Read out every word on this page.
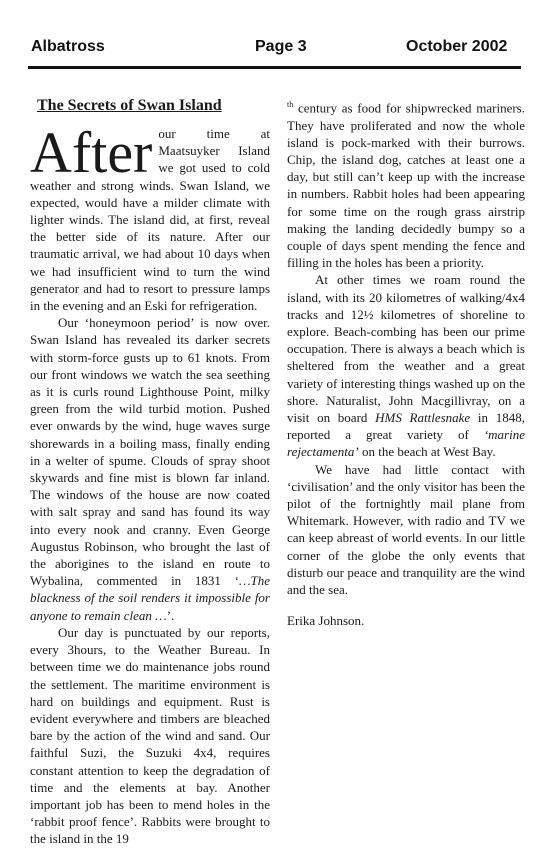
Albatross	Page 3	October 2002

The Secrets of Swan Island

After our time at Maatsuyker Island we got used to cold weather and strong winds. Swan Island, we expected, would have a milder climate with lighter winds. The island did, at first, reveal the better side of its nature. After our traumatic arrival, we had about 10 days when we had insufficient wind to turn the wind generator and had to resort to pressure lamps in the evening and an Eski for refrigeration.

Our ‘honeymoon period’ is now over. Swan Island has revealed its darker secrets with storm-force gusts up to 61 knots. From our front windows we watch the sea seething as it is curls round Lighthouse Point, milky green from the wild turbid motion. Pushed ever onwards by the wind, huge waves surge shorewards in a boiling mass, finally ending in a welter of spume. Clouds of spray shoot skywards and fine mist is blown far inland. The windows of the house are now coated with salt spray and sand has found its way into every nook and cranny. Even George Augustus Robinson, who brought the last of the aborigines to the island en route to Wybalina, commented in 1831 ‘…The blackness of the soil renders it impossible for anyone to remain clean …’.

Our day is punctuated by our reports, every 3hours, to the Weather Bureau. In between time we do maintenance jobs round the settlement. The maritime environment is hard on buildings and equipment. Rust is evident everywhere and timbers are bleached bare by the action of the wind and sand. Our faithful Suzi, the Suzuki 4x4, requires constant attention to keep the degradation of time and the elements at bay. Another important job has been to mend holes in the ‘rabbit proof fence’. Rabbits were brought to the island in the 19

$^{th}$ century as food for shipwrecked mariners. They have proliferated and now the whole island is pock-marked with their burrows. Chip, the island dog, catches at least one a day, but still can’t keep up with the increase in numbers. Rabbit holes had been appearing for some time on the rough grass airstrip making the landing decidedly bumpy so a couple of days spent mending the fence and filling in the holes has been a priority.

At other times we roam round the island, with its 20 kilometres of walking/4x4 tracks and 12½ kilometres of shoreline to explore. Beach-combing has been our prime occupation. There is always a beach which is sheltered from the weather and a great variety of interesting things washed up on the shore. Naturalist, John Macgillivray, on a visit on board HMS Rattlesnake in 1848, reported a great variety of ‘marine rejectamenta’ on the beach at West Bay.

We have had little contact with ‘civilisation’ and the only visitor has been the pilot of the fortnightly mail plane from Whitemark. However, with radio and TV we can keep abreast of world events. In our little corner of the globe the only events that disturb our peace and tranquility are the wind and the sea.

Erika Johnson.
